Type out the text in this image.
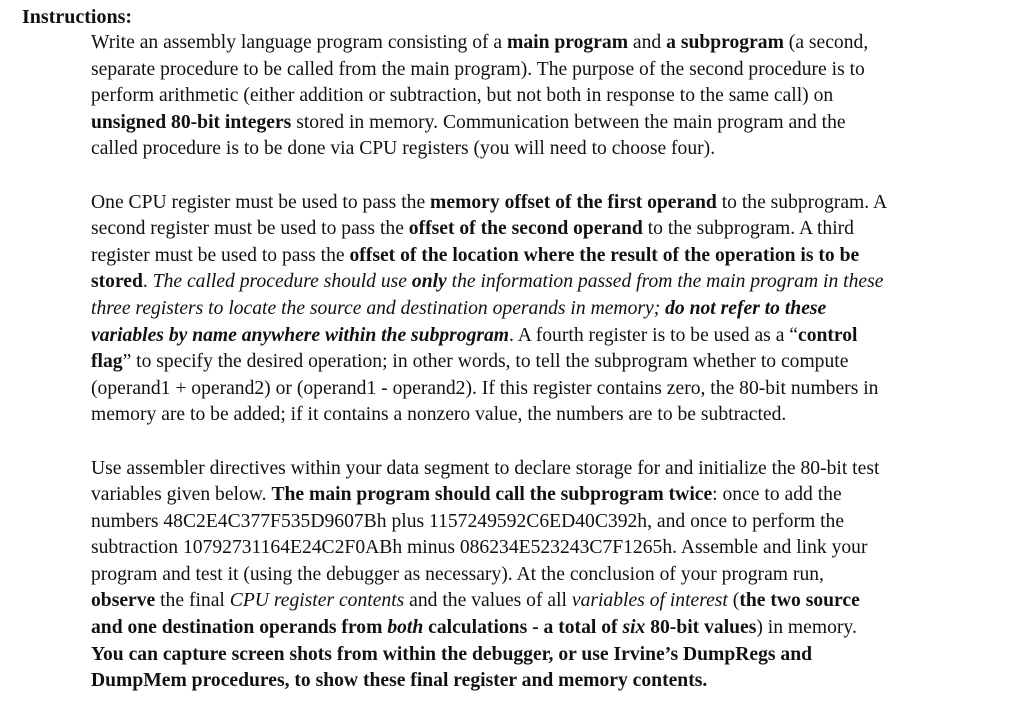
Instructions:

Write an assembly language program consisting of a main program and a subprogram (a second,
separate procedure to be called from the main program). The purpose of the second procedure is to
perform arithmetic (either addition or subtraction, but not both in response to the same call) on
unsigned 80-bit integers stored in memory. Communication between the main program and the
called procedure is to be done via CPU registers (you will need to choose four).

One CPU register must be used to pass the memory offset of the first operand to the subprogram. A
second register must be used to pass the offset of the second operand to the subprogram. A third
register must be used to pass the offset of the location where the result of the operation is to be
stored. The called procedure should use only the information passed from the main program in these
three registers to locate the source and destination operands in memory; do not refer to these
variables by name anywhere within the subprogram. A fourth register is to be used as a “control
flag” to specify the desired operation; in other words, to tell the subprogram whether to compute
(operand1 + operand2) or (operand1 - operand2). If this register contains zero, the 80-bit numbers in
memory are to be added; if it contains a nonzero value, the numbers are to be subtracted.

Use assembler directives within your data segment to declare storage for and initialize the 80-bit test
variables given below. The main program should call the subprogram twice: once to add the
numbers 48C2E4C377F535D9607Bh plus 1157249592C6ED40C392h, and once to perform the
subtraction 10792731164E24C2F0ABh minus 086234E523243C7F1265h. Assemble and link your
program and test it (using the debugger as necessary). At the conclusion of your program run,
observe the final CPU register contents and the values of all variables of interest (the two source
and one destination operands from both calculations - a total of six 80-bit values) in memory.
You can capture screen shots from within the debugger, or use Irvine’s DumpRegs and
DumpMem procedures, to show these final register and memory contents.
